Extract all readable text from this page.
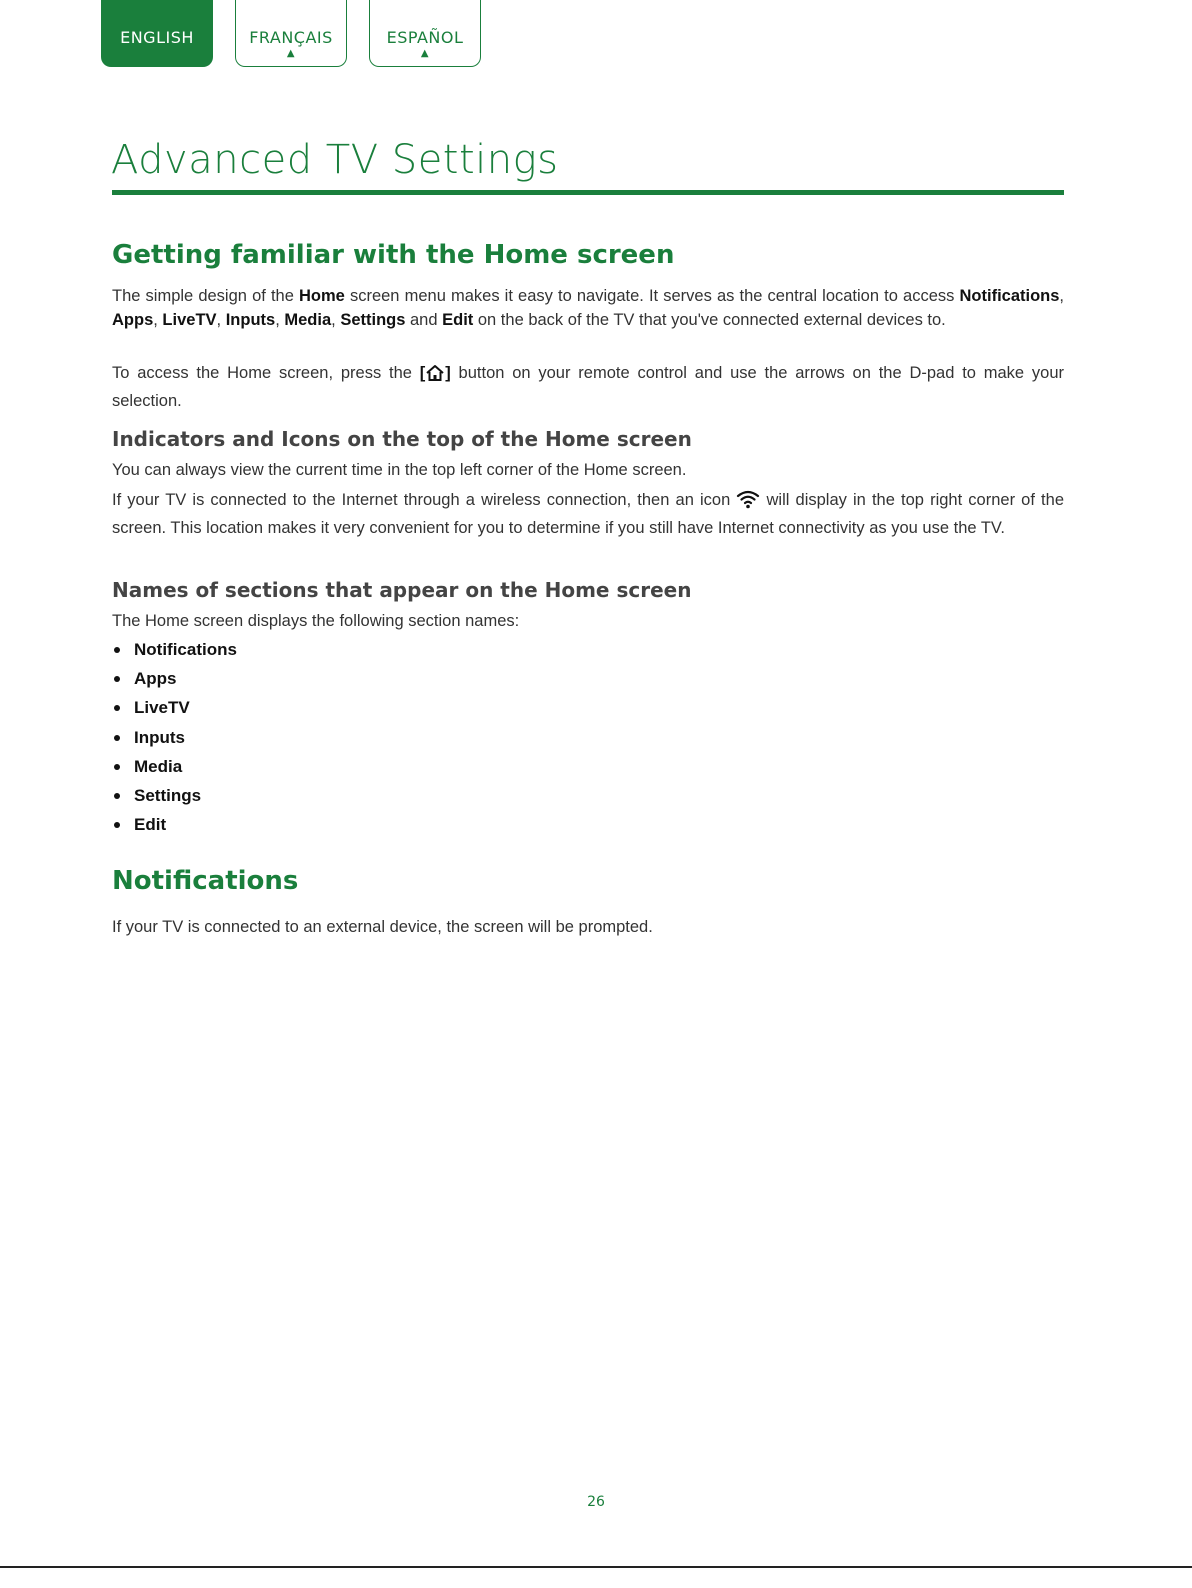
ENGLISH	FRANÇAIS
▲
ESPAÑOL
▲
Advanced TV Settings
Getting familiar with the Home screen

The simple design of the Home screen menu makes it easy to navigate. It serves as the central location to access Notifications, Apps, LiveTV, Inputs, Media, Settings and Edit on the back of the TV that you've connected external devices to.

To access the Home screen, press the [ ] button on your remote control and use the arrows on the D-pad to make your selection.

Indicators and Icons on the top of the Home screen

You can always view the current time in the top left corner of the Home screen.

If your TV is connected to the Internet through a wireless connection, then an icon  will display in the top right corner of the screen. This location makes it very convenient for you to determine if you still have Internet connectivity as you use the TV.

Names of sections that appear on the Home screen

The Home screen displays the following section names:

Notifications
Apps
LiveTV
Inputs
Media
Settings
Edit
Notifications

If your TV is connected to an external device, the screen will be prompted.

26
